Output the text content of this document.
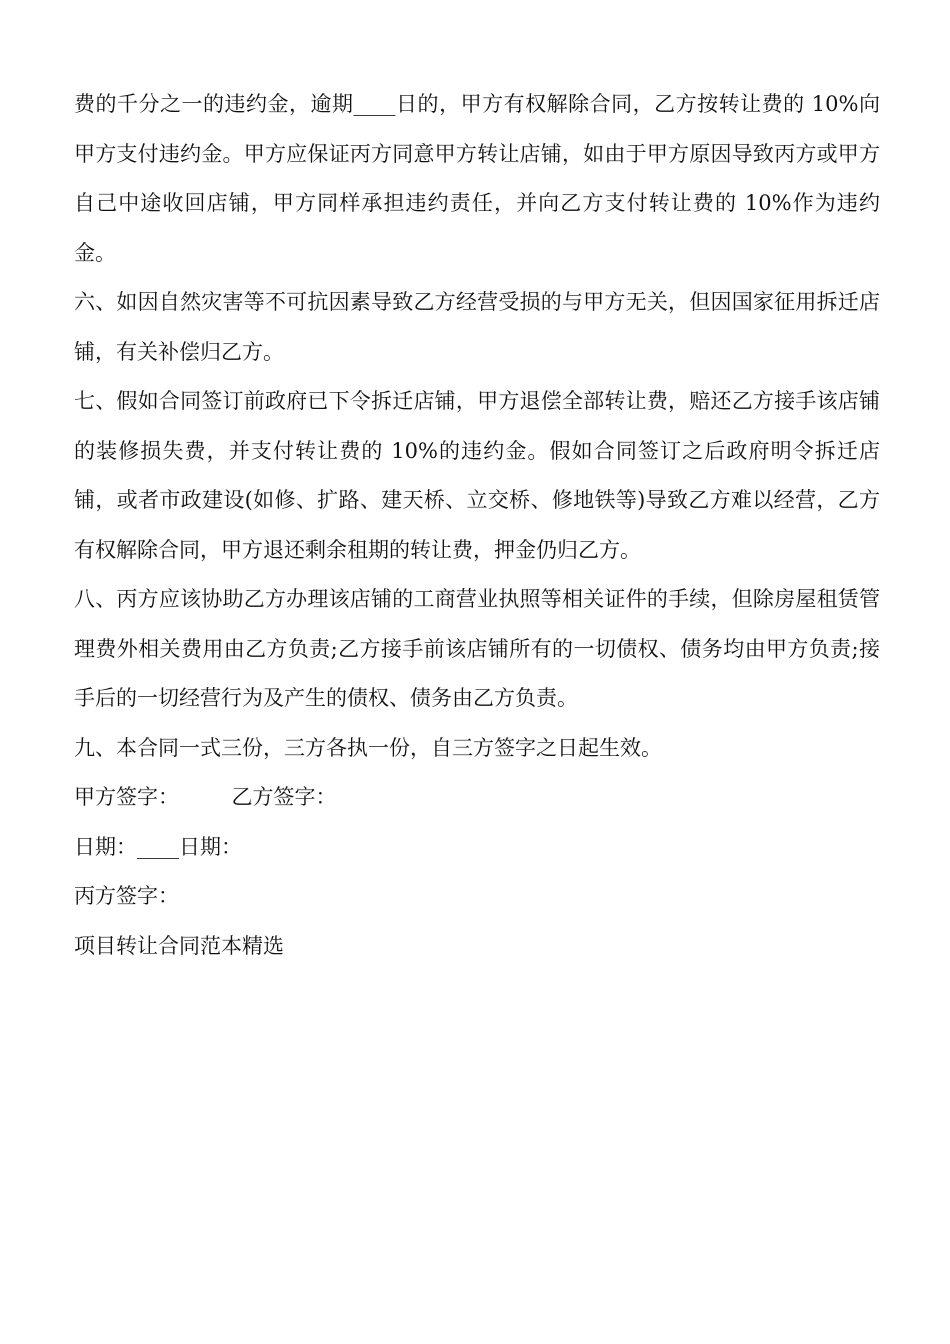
费的千分之一的违约金，逾期____日的，甲方有权解除合同，乙方按转让费的 10%向甲方支付违约金。甲方应保证丙方同意甲方转让店铺，如由于甲方原因导致丙方或甲方自己中途收回店铺，甲方同样承担违约责任，并向乙方支付转让费的 10%作为违约金。

六、如因自然灾害等不可抗因素导致乙方经营受损的与甲方无关，但因国家征用拆迁店铺，有关补偿归乙方。

七、假如合同签订前政府已下令拆迁店铺，甲方退偿全部转让费，赔还乙方接手该店铺的装修损失费，并支付转让费的 10%的违约金。假如合同签订之后政府明令拆迁店铺，或者市政建设(如修、扩路、建天桥、立交桥、修地铁等)导致乙方难以经营，乙方有权解除合同，甲方退还剩余租期的转让费，押金仍归乙方。

八、丙方应该协助乙方办理该店铺的工商营业执照等相关证件的手续，但除房屋租赁管理费外相关费用由乙方负责;乙方接手前该店铺所有的一切债权、债务均由甲方负责;接手后的一切经营行为及产生的债权、债务由乙方负责。

九、本合同一式三份，三方各执一份，自三方签字之日起生效。

甲方签字：　　　乙方签字：

日期：____日期：

丙方签字：

项目转让合同范本精选
